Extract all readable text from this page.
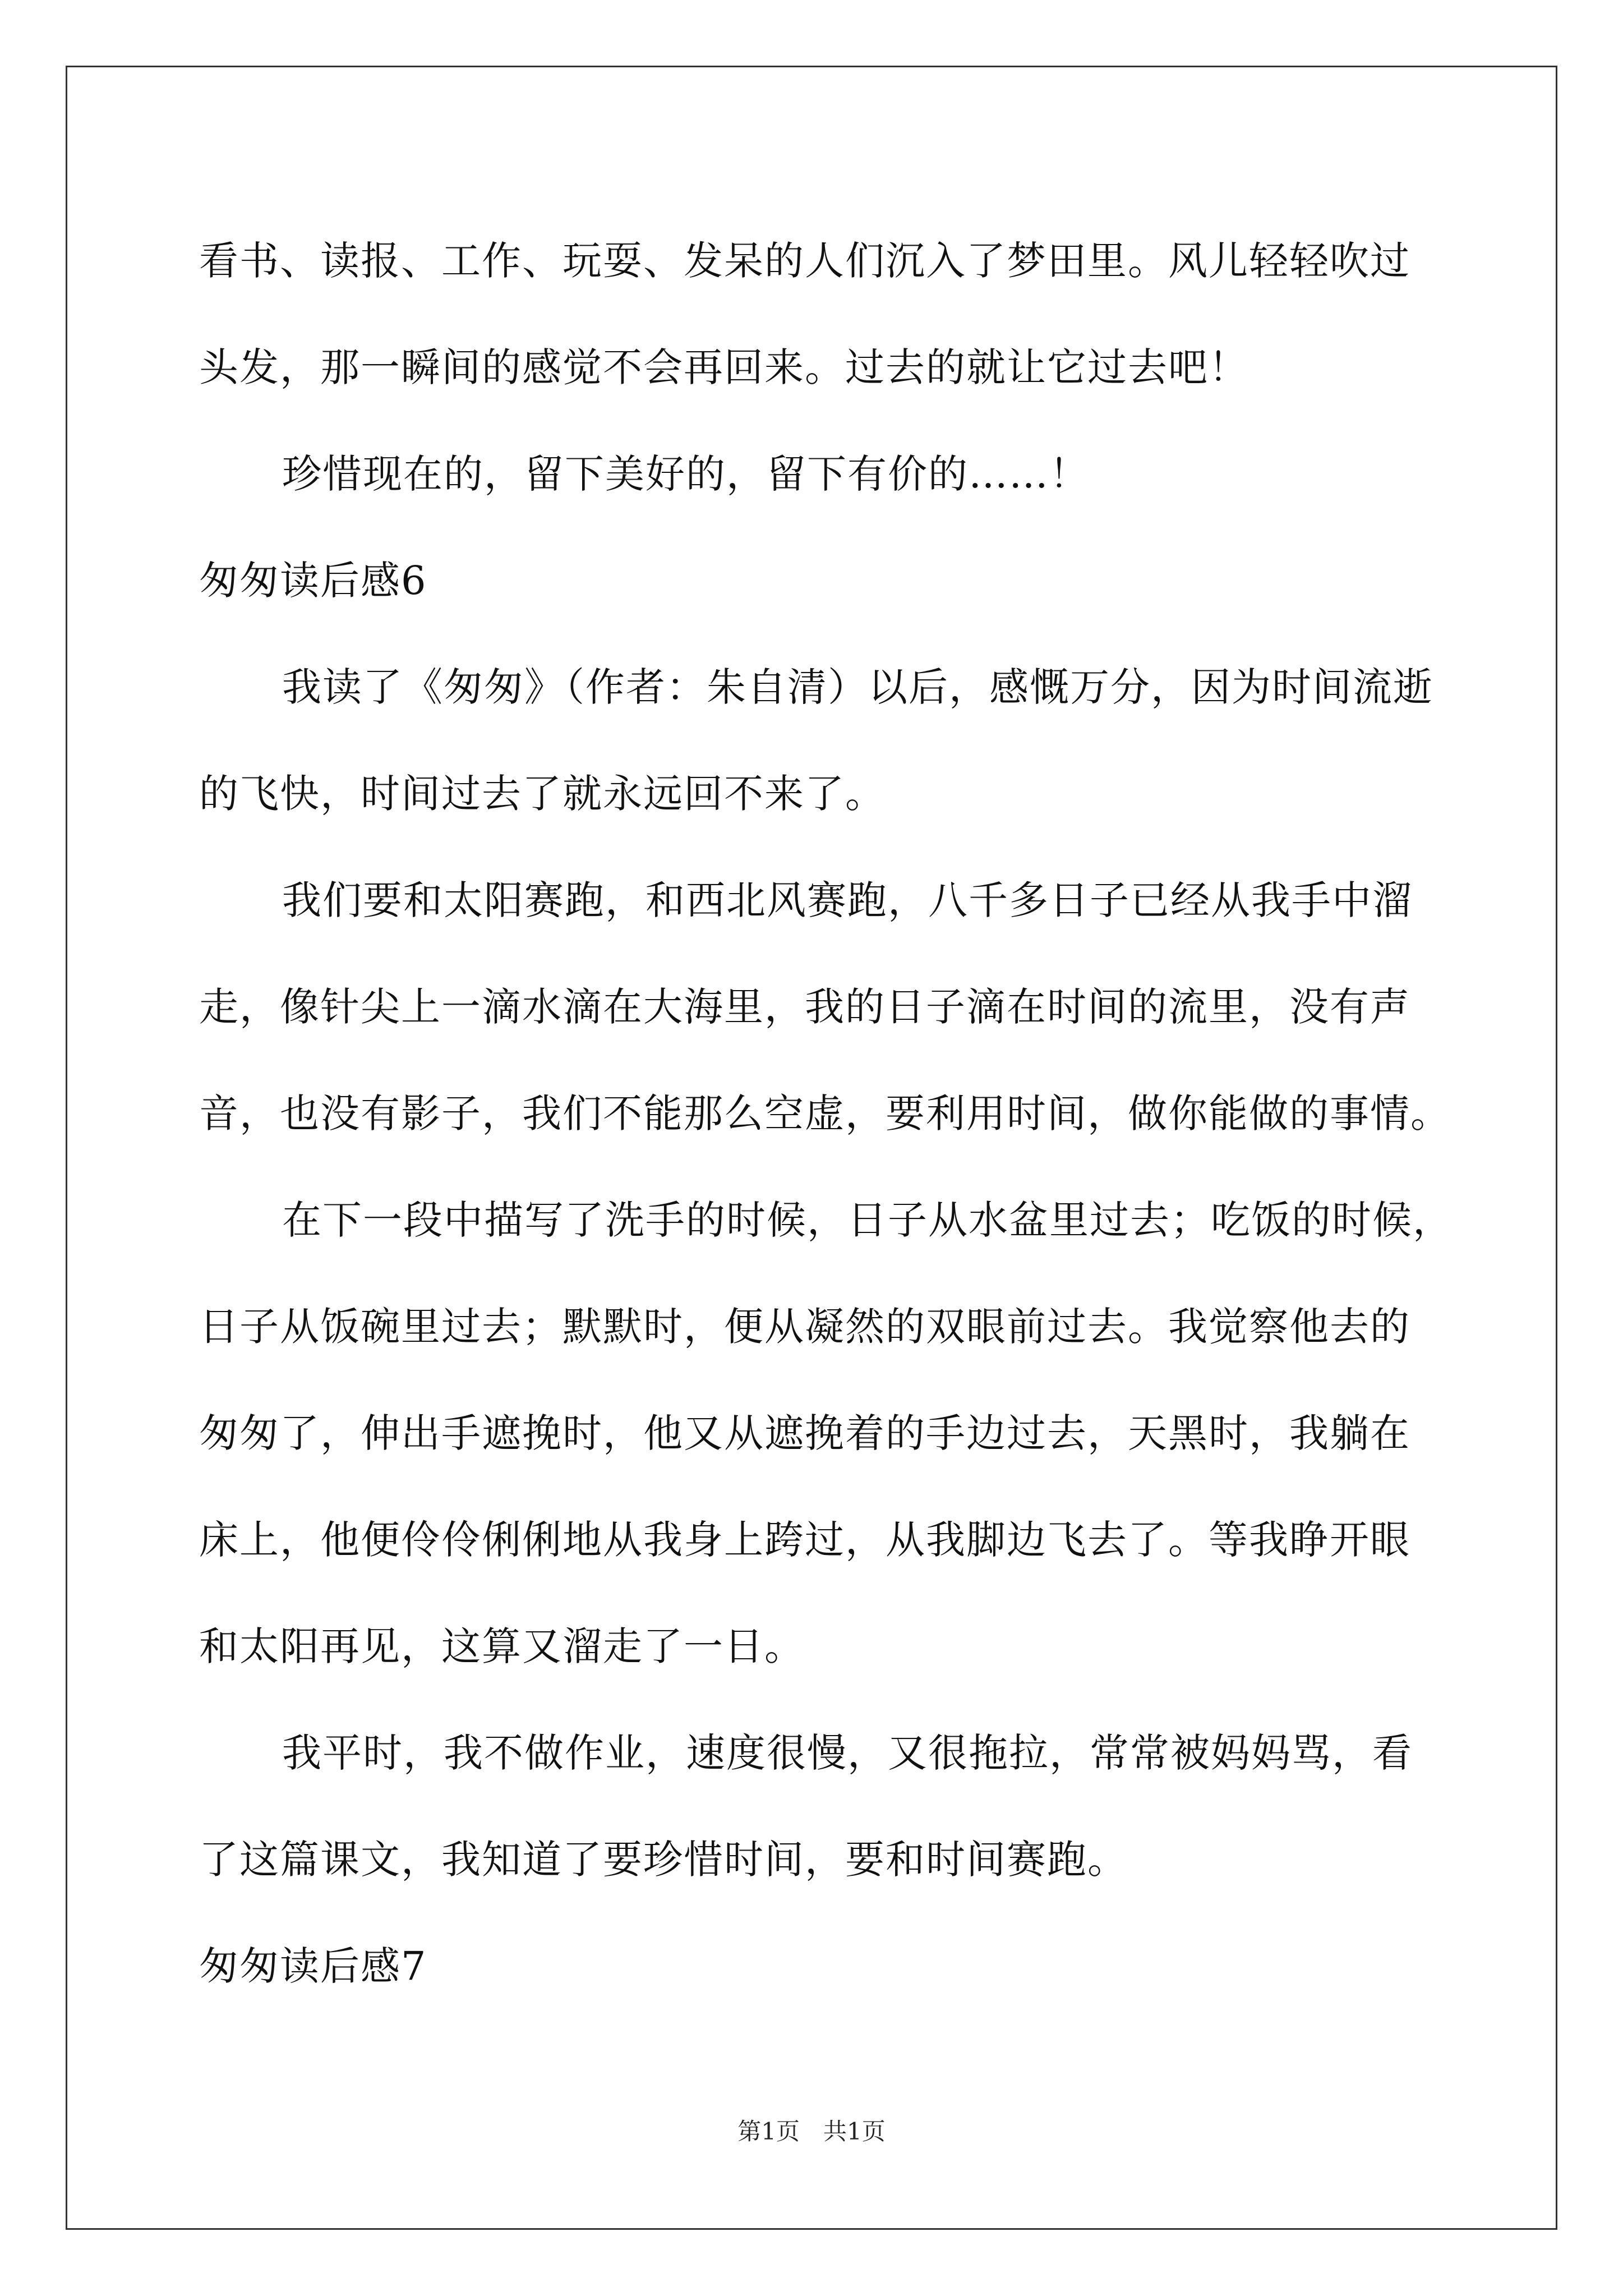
看书、读报、工作、玩耍、发呆的人们沉入了梦田里。风儿轻轻吹过
头发，那一瞬间的感觉不会再回来。过去的就让它过去吧！
珍惜现在的，留下美好的，留下有价的……！
匆匆读后感6
我读了《匆匆》（作者：朱自清）以后，感慨万分，因为时间流逝
的飞快，时间过去了就永远回不来了。
我们要和太阳赛跑，和西北风赛跑，八千多日子已经从我手中溜
走，像针尖上一滴水滴在大海里，我的日子滴在时间的流里，没有声
音，也没有影子，我们不能那么空虚，要利用时间，做你能做的事情。
在下一段中描写了洗手的时候，日子从水盆里过去；吃饭的时候，
日子从饭碗里过去；默默时，便从凝然的双眼前过去。我觉察他去的
匆匆了，伸出手遮挽时，他又从遮挽着的手边过去，天黑时，我躺在
床上，他便伶伶俐俐地从我身上跨过，从我脚边飞去了。等我睁开眼
和太阳再见，这算又溜走了一日。
我平时，我不做作业，速度很慢，又很拖拉，常常被妈妈骂，看
了这篇课文，我知道了要珍惜时间，要和时间赛跑。
匆匆读后感7
第1页　共1页
